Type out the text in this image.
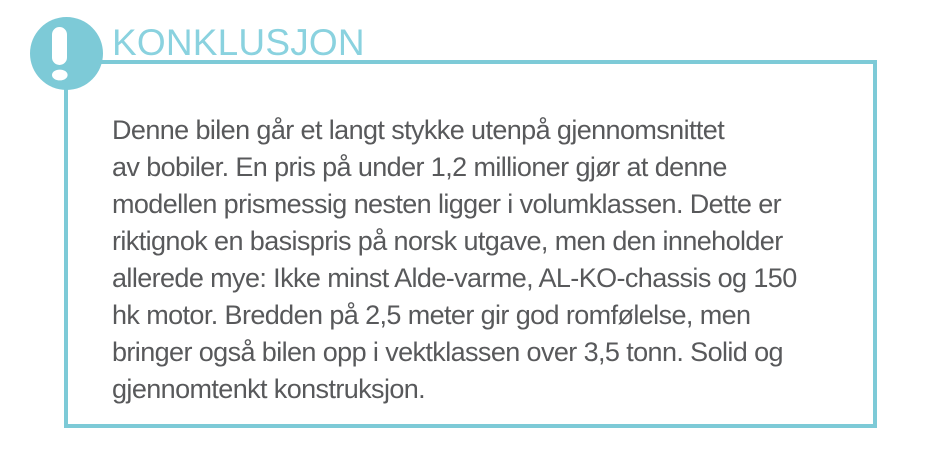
KONKLUSJON
Denne bilen går et langt stykke utenpå gjennomsnittet
av bobiler. En pris på under 1,2 millioner gjør at denne
modellen prismessig nesten ligger i volumklassen. Dette er
riktignok en basispris på norsk utgave, men den inneholder
allerede mye: Ikke minst Alde-varme, AL-KO-chassis og 150
hk motor. Bredden på 2,5 meter gir god romfølelse, men
bringer også bilen opp i vektklassen over 3,5 tonn. Solid og
gjennomtenkt konstruksjon.
